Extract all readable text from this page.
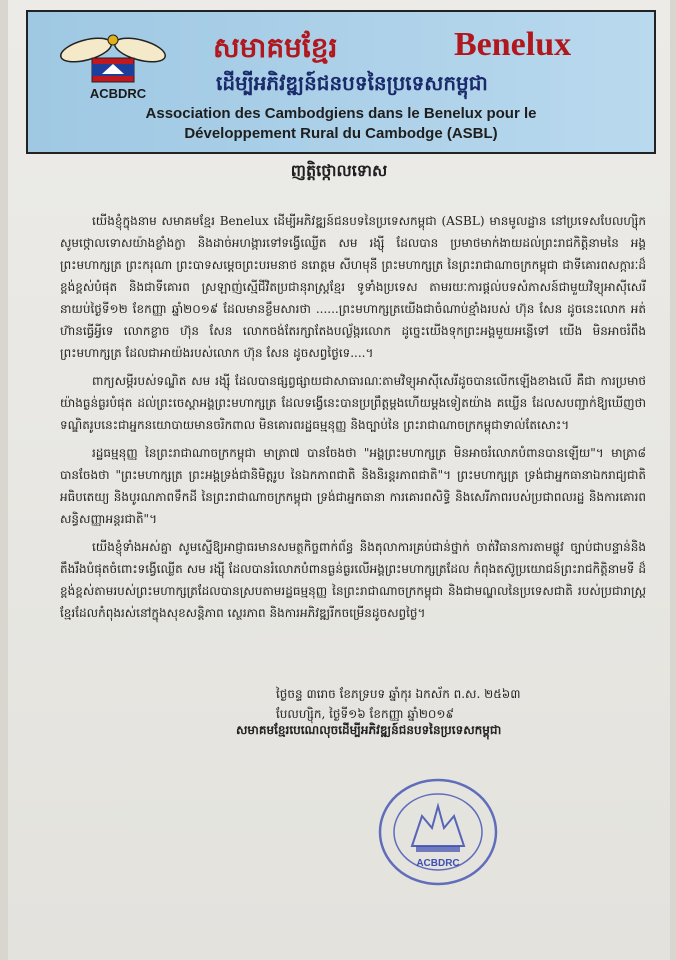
ACBDRC
សមាគមខ្មែរ	Benelux
ដើម្បីអភិវឌ្ឍន៍ជនបទនៃប្រទេសកម្ពុជា
Association des Cambodgiens dans le Benelux pour le
Développement Rural du Cambodge (ASBL)
ញត្តិថ្កោលទោស

យើងខ្ញុំក្នុងនាម សមាគមខ្មែរ Benelux ដើម្បីអភិវឌ្ឍន៍ជនបទនៃប្រទេសកម្ពុជា (ASBL) មានមូលដ្ឋាន នៅប្រទេសបែលហ្ស៊ិក សូមថ្កោលទោសយ៉ាងខ្លាំងក្លា និងដាច់អហង្ការទៅទង្វើឈ្លើត សម រង្ស៊ី ដែលបាន ប្រមាថមាក់ងាយដល់ព្រះរាជកិត្តិនាមនៃ អង្គព្រះមហាក្សត្រ ព្រះករុណា ព្រះបាទសម្តេចព្រះបរមនាថ នរោត្តម សីហមុនី ព្រះមហាក្សត្រ នៃព្រះរាជាណាចក្រកម្ពុជា ជាទីគោរពសក្ការៈដ៏ខ្ពង់ខ្ពស់បំផុត និងជាទីគោរព ស្រឡាញ់ស្មើជីវិតប្រជានុរាស្ត្រខ្មែរ ទូទាំងប្រទេស តាមរយៈការផ្ដល់បទសំភាសន៍ជាមួយវិទ្យុអាស៊ីសេរី នាយប់ថ្ងៃទី១២ ខែកញ្ញា ឆ្នាំ២០១៩ ដែលមានខ្លឹមសារថា ......ព្រះមហាក្សត្រយើងជាចំណាប់ខ្មាំងរបស់ ហ៊ុន សែន ដូចនេះលោក អត់ហ៊ានធ្វើអ្វីទេ លោកខ្លាច ហ៊ុន សែន លោកចង់តែរក្សាតែងបល្ល័ង្ករលោក ដូច្នេះយើងទុកព្រះអង្គមួយអន្លើទៅ យើង មិនអាចរំពឹងព្រះមហាក្សត្រ ដែលជាអាយ៉ងរបស់លោក ហ៊ុន សែន ដូចសព្វថ្ងៃទេ....។

ពាក្យសម្តីរបស់ទណ្ឌិត សម រង្ស៊ី ដែលបានផ្សព្វផ្សាយជាសាធារណៈតាមវិទ្យុអាស៊ីសេរីដូចបានលើកឡើងខាងលើ គឺជា ការប្រមាថយ៉ាងធ្ងន់ធ្ងរបំផុត ដល់ព្រះចេស្ដាអង្គព្រះមហាក្សត្រ ដែលទង្វើនេះបានប្រព្រឹត្តម្តងហើយម្តងទៀតយ៉ាង គឃ្លើន ដែលសបញ្ជាក់ឱ្យឃើញថា ទណ្ឌិតរូបនេះជាអ្នកនយោបាយមានចរិកពាល មិនគោរពរដ្ឋធម្មនុញ្ញ និងច្បាប់នៃ ព្រះរាជាណាចក្រកម្ពុជាទាល់តែសោះ។

រដ្ឋធម្មនុញ្ញ នៃព្រះរាជាណាចក្រកម្ពុជា មាត្រា៧ បានចែងថា "អង្គព្រះមហាក្សត្រ មិនអាចរំលោភបំពានបានឡើយ"។ មាត្រា៨ បានចែងថា "ព្រះមហាក្សត្រ ព្រះអង្គទ្រង់ជានិមិត្តរូប នៃឯកភាពជាតិ និងនិរន្តរភាពជាតិ"។ ព្រះមហាក្សត្រ ទ្រង់ជាអ្នកធានាឯករាជ្យជាតិ អធិបតេយ្យ និងបូរណភាពទឹកដី នៃព្រះរាជាណាចក្រកម្ពុជា ទ្រង់ជាអ្នកធានា ការគោរពសិទ្ធិ និងសេរីភាពរបស់ប្រជាពលរដ្ឋ និងការគោរពសន្ធិសញ្ញាអន្តរជាតិ"។

យើងខ្ញុំទាំងអស់គ្នា សូមស្នើឱ្យអាជ្ញាធរមានសមត្ថកិច្ចពាក់ព័ន្ធ និងតុលាការគ្រប់ជាន់ថ្នាក់ ចាត់វិធានការតាមផ្លូវ ច្បាប់ជាបន្ទាន់និងតឹងរឹងបំផុតចំពោះទង្វើឈ្លើត សម រង្ស៊ី ដែលបានរំលោភបំពានធ្ងន់ធ្ងរលើអង្គព្រះមហាក្សត្រដែល កំពុងតស៊ូប្រយោជន៍ព្រះរាជកិត្តិនាមទី ដ៏ខ្ពង់ខ្ពស់តាមរបស់ព្រះមហាក្សត្រដែលបានស្របតាមរដ្ឋធម្មនុញ្ញ នៃព្រះរាជាណាចក្រកម្ពុជា និងជាមណ្ឌលនៃប្រទេសជាតិ របស់ប្រជារាស្ត្រខ្មែរដែលកំពុងរស់នៅក្នុងសុខសន្តិភាព ស្ថេរភាព និងការអភិវឌ្ឍរីកចម្រើនដូចសព្វថ្ងៃ។

ថ្ងៃចន្ទ ៣រោច ខែភទ្របទ ឆ្នាំកុរ ឯកស័ក ព.ស. ២៥៦៣
បែលហ្ស៊ិក, ថ្ងៃទី១៦ ខែកញ្ញា ឆ្នាំ២០១៩
សមាគមខ្មែរបេណេលុចដើម្បីអភិវឌ្ឍន៍ជនបទនៃប្រទេសកម្ពុជា
ACBDRC
